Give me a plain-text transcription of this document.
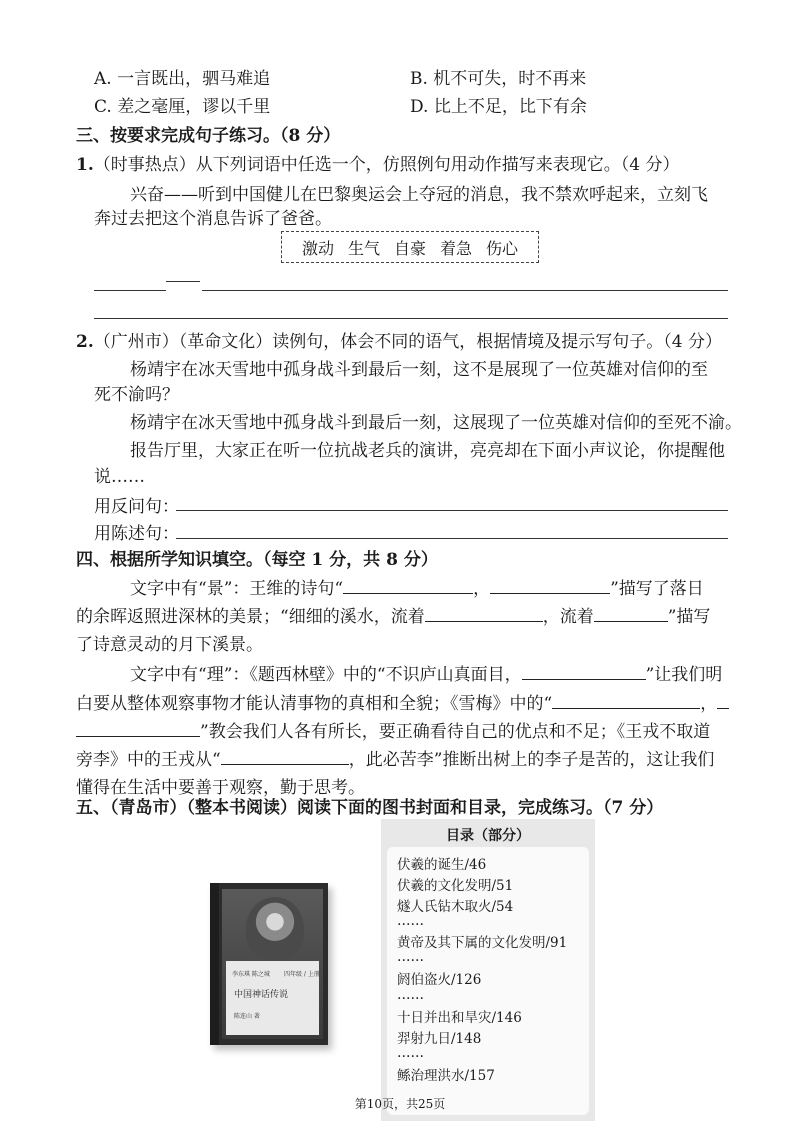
A. 一言既出，驷马难追	B. 机不可失，时不再来
C. 差之毫厘，谬以千里	D. 比上不足，比下有余
三、按要求完成句子练习。（8 分）
1.（时事热点）从下列词语中任选一个，仿照例句用动作描写来表现它。（4 分）
兴奋——听到中国健儿在巴黎奥运会上夺冠的消息，我不禁欢呼起来，立刻飞
奔过去把这个消息告诉了爸爸。
激动 生气 自豪 着急 伤心
2.（广州市）（革命文化）读例句，体会不同的语气，根据情境及提示写句子。（4 分）
杨靖宇在冰天雪地中孤身战斗到最后一刻，这不是展现了一位英雄对信仰的至
死不渝吗？
杨靖宇在冰天雪地中孤身战斗到最后一刻，这展现了一位英雄对信仰的至死不渝。
报告厅里，大家正在听一位抗战老兵的演讲，亮亮却在下面小声议论，你提醒他
说……
用反问句：
用陈述句：
四、根据所学知识填空。（每空 1 分，共 8 分）
文字中有“景”：王维的诗句“	，	”描写了落日
的余晖返照进深林的美景；“细细的溪水，流着	，流着	”描写
了诗意灵动的月下溪景。
文字中有“理”：《题西林壁》中的“不识庐山真面目，	”让我们明
白要从整体观察事物才能认清事物的真相和全貌；《雪梅》中的“	，
”教会我们人各有所长，要正确看待自己的优点和不足；《王戎不取道
旁李》中的王戎从“	，此必苦李”推断出树上的李子是苦的，这让我们
懂得在生活中要善于观察，勤于思考。
五、（青岛市）（整本书阅读）阅读下面的图书封面和目录，完成练习。（7 分）
李东琪 陈之城 四年级 / 上册
中国神话传说
陈连山 著
目录（部分）
伏羲的诞生/46
伏羲的文化发明/51
燧人氏钻木取火/54
……
黄帝及其下属的文化发明/91
……
阏伯盗火/126
……
十日并出和旱灾/146
羿射九日/148
……
鲧治理洪水/157
第10页，共25页
